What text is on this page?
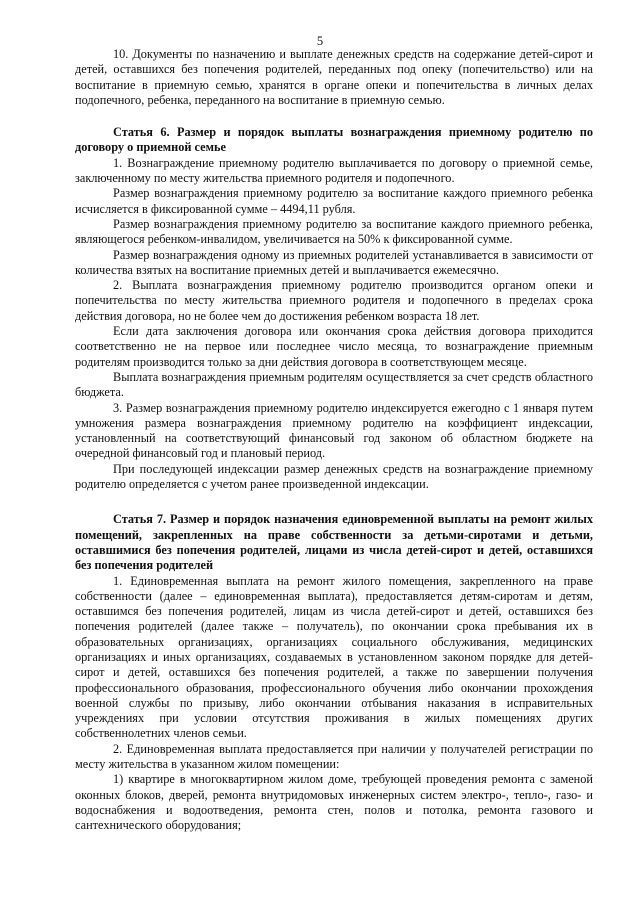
5

10. Документы по назначению и выплате денежных средств на содержание детей-сирот и детей, оставшихся без попечения родителей, переданных под опеку (попечительство) или на воспитание в приемную семью, хранятся в органе опеки и попечительства в личных делах подопечного, ребенка, переданного на воспитание в приемную семью.

Статья 6. Размер и порядок выплаты вознаграждения приемному родителю по договору о приемной семье

1. Вознаграждение приемному родителю выплачивается по договору о приемной семье, заключенному по месту жительства приемного родителя и подопечного.

Размер вознаграждения приемному родителю за воспитание каждого приемного ребенка исчисляется в фиксированной сумме – 4494,11 рубля.

Размер вознаграждения приемному родителю за воспитание каждого приемного ребенка, являющегося ребенком-инвалидом, увеличивается на 50% к фиксированной сумме.

Размер вознаграждения одному из приемных родителей устанавливается в зависимости от количества взятых на воспитание приемных детей и выплачивается ежемесячно.

2. Выплата вознаграждения приемному родителю производится органом опеки и попечительства по месту жительства приемного родителя и подопечного в пределах срока действия договора, но не более чем до достижения ребенком возраста 18 лет.

Если дата заключения договора или окончания срока действия договора приходится соответственно не на первое или последнее число месяца, то вознаграждение приемным родителям производится только за дни действия договора в соответствующем месяце.

Выплата вознаграждения приемным родителям осуществляется за счет средств областного бюджета.

3. Размер вознаграждения приемному родителю индексируется ежегодно с 1 января путем умножения размера вознаграждения приемному родителю на коэффициент индексации, установленный на соответствующий финансовый год законом об областном бюджете на очередной финансовый год и плановый период.

При последующей индексации размер денежных средств на вознаграждение приемному родителю определяется с учетом ранее произведенной индексации.

Статья 7. Размер и порядок назначения единовременной выплаты на ремонт жилых помещений, закрепленных на праве собственности за детьми-сиротами и детьми, оставшимися без попечения родителей, лицами из числа детей-сирот и детей, оставшихся без попечения родителей

1. Единовременная выплата на ремонт жилого помещения, закрепленного на праве собственности (далее – единовременная выплата), предоставляется детям-сиротам и детям, оставшимся без попечения родителей, лицам из числа детей-сирот и детей, оставшихся без попечения родителей (далее также – получатель), по окончании срока пребывания их в образовательных организациях, организациях социального обслуживания, медицинских организациях и иных организациях, создаваемых в установленном законом порядке для детей-сирот и детей, оставшихся без попечения родителей, а также по завершении получения профессионального образования, профессионального обучения либо окончании прохождения военной службы по призыву, либо окончании отбывания наказания в исправительных учреждениях при условии отсутствия проживания в жилых помещениях других собственнолетних членов семьи.

2. Единовременная выплата предоставляется при наличии у получателей регистрации по месту жительства в указанном жилом помещении:

1) квартире в многоквартирном жилом доме, требующей проведения ремонта с заменой оконных блоков, дверей, ремонта внутридомовых инженерных систем электро-, тепло-, газо- и водоснабжения и водоотведения, ремонта стен, полов и потолка, ремонта газового и сантехнического оборудования;
